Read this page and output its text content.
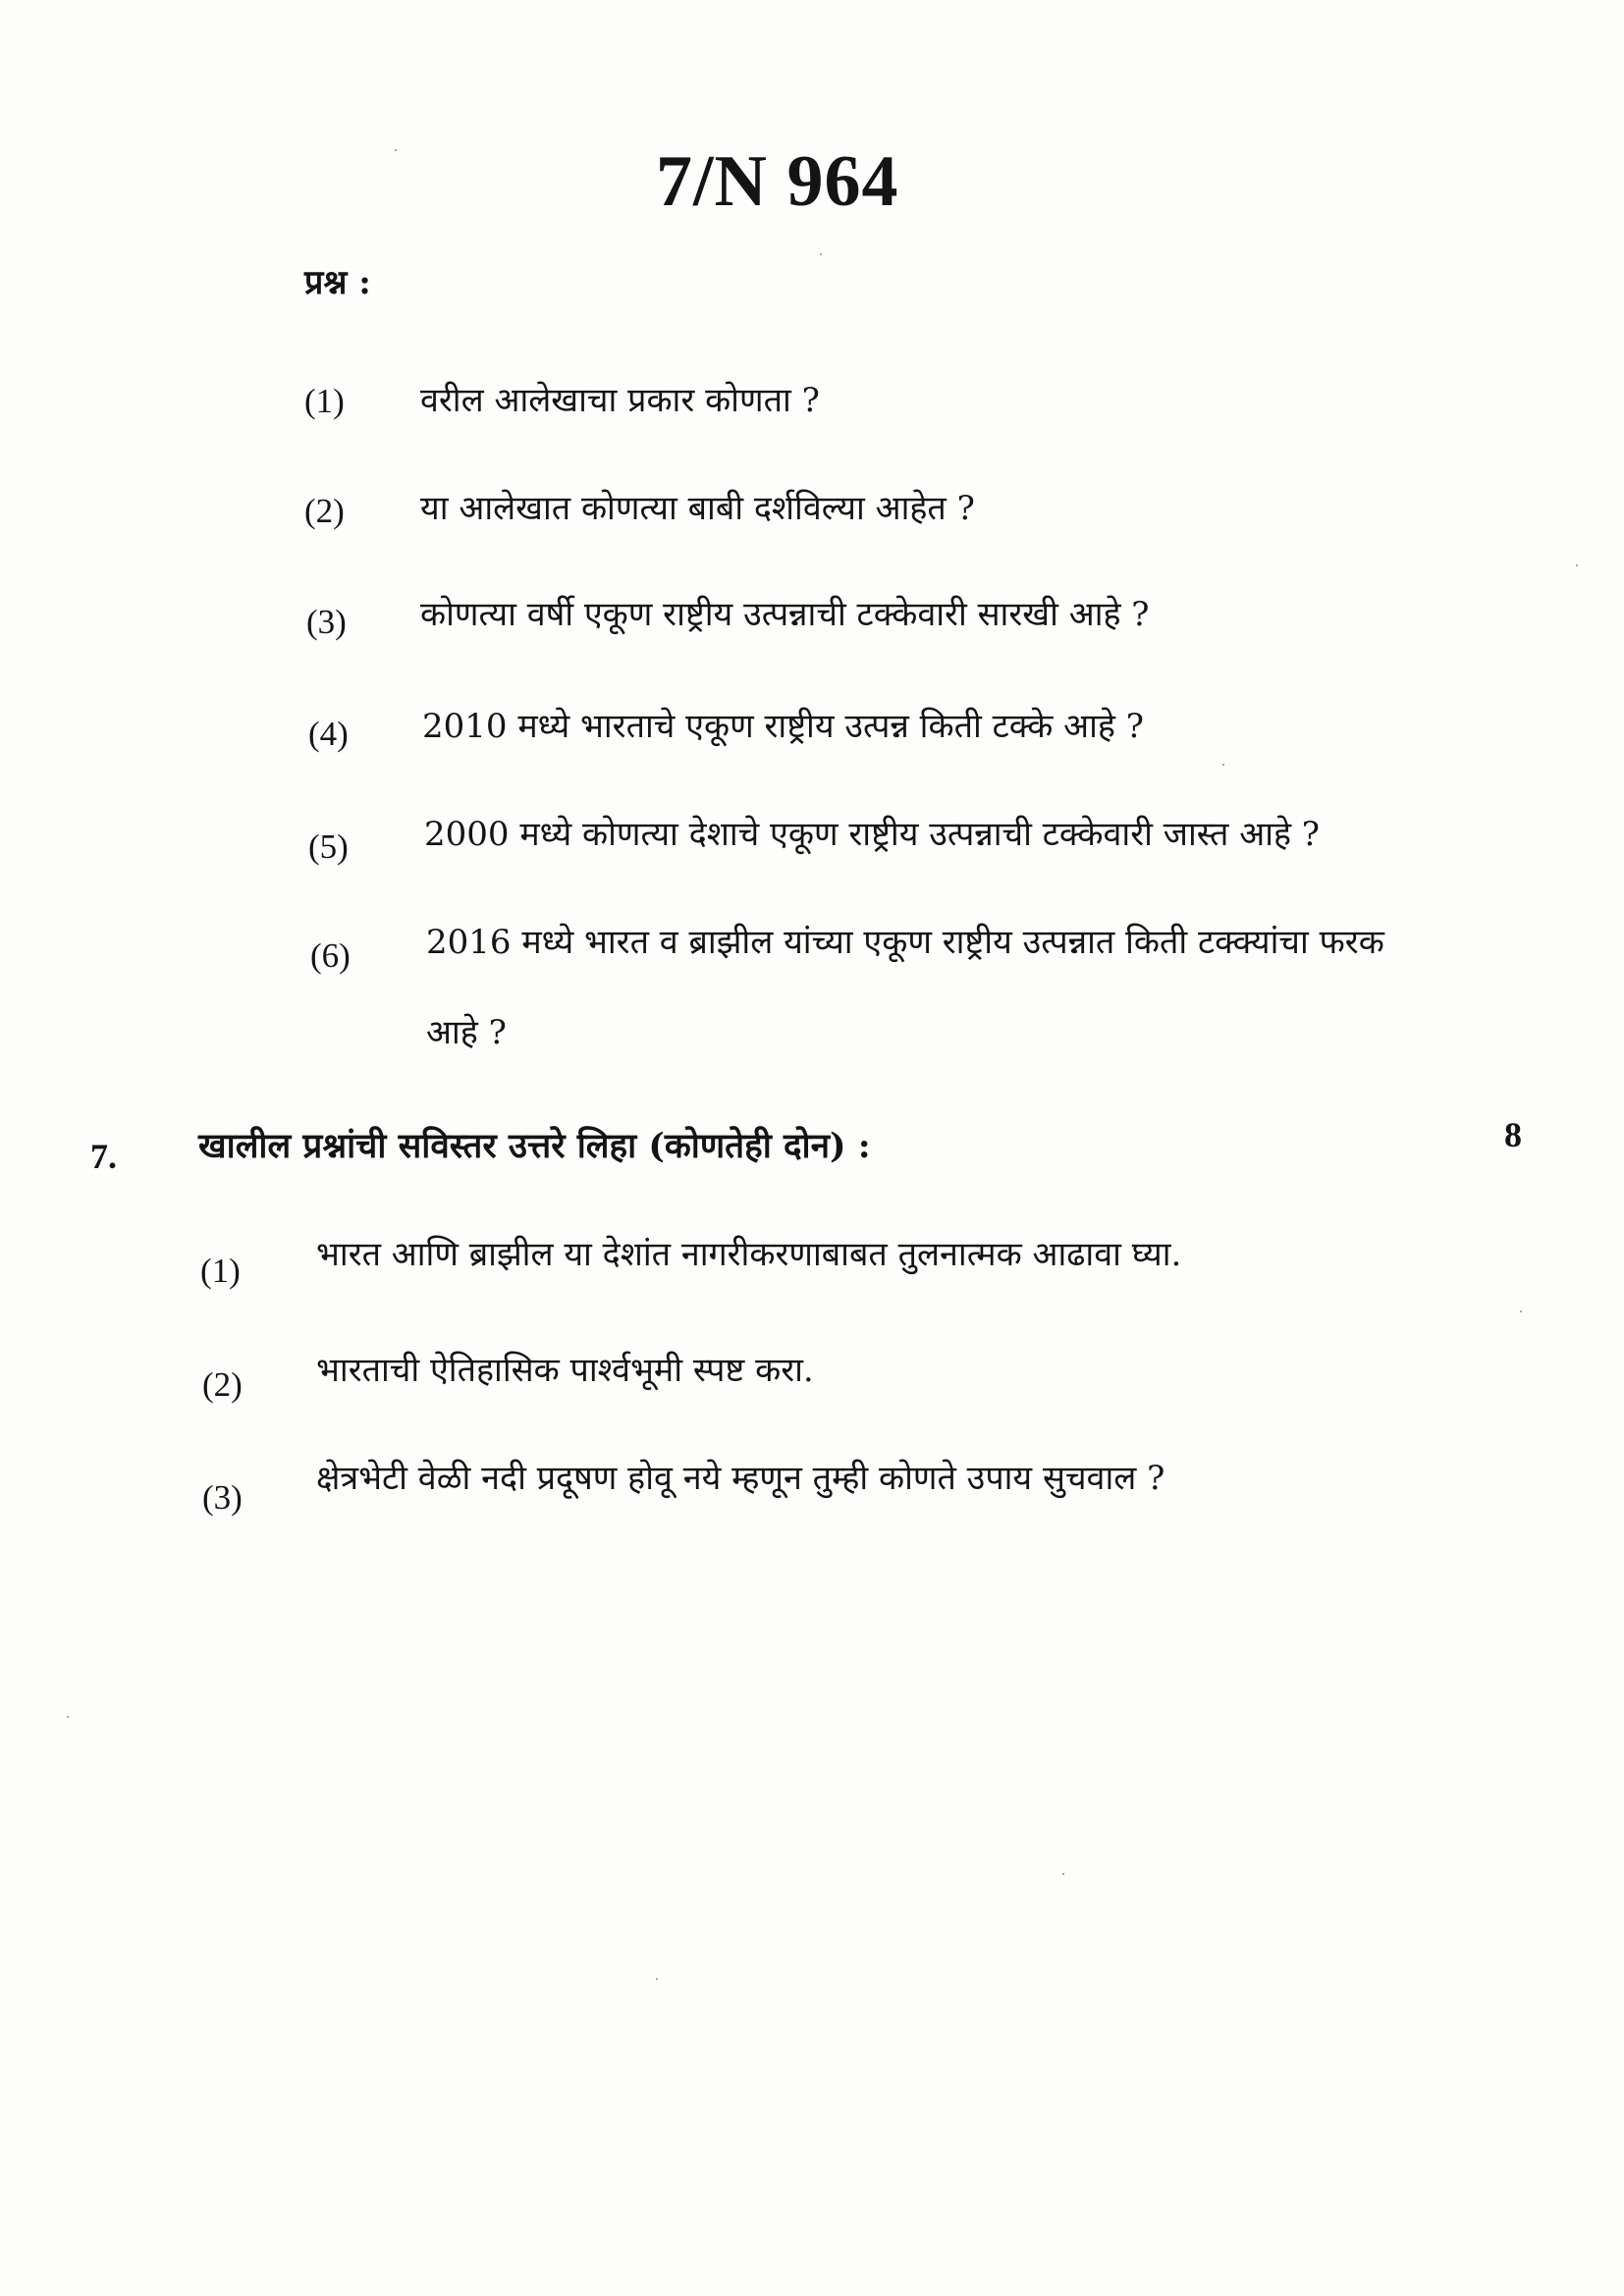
7/N 964
प्रश्न :
(1) वरील आलेखाचा प्रकार कोणता ?
(2) या आलेखात कोणत्या बाबी दर्शविल्या आहेत ?
(3) कोणत्या वर्षी एकूण राष्ट्रीय उत्पन्नाची टक्केवारी सारखी आहे ?
(4) 2010 मध्ये भारताचे एकूण राष्ट्रीय उत्पन्न किती टक्के आहे ?
(5) 2000 मध्ये कोणत्या देशाचे एकूण राष्ट्रीय उत्पन्नाची टक्केवारी जास्त आहे ?
(6) 2016 मध्ये भारत व ब्राझील यांच्या एकूण राष्ट्रीय उत्पन्नात किती टक्क्यांचा फरक
आहे ?
7. खालील प्रश्नांची सविस्तर उत्तरे लिहा (कोणतेही दोन) :	8
(1) भारत आणि ब्राझील या देशांत नागरीकरणाबाबत तुलनात्मक आढावा घ्या.
(2) भारताची ऐतिहासिक पार्श्वभूमी स्पष्ट करा.
(3) क्षेत्रभेटी वेळी नदी प्रदूषण होवू नये म्हणून तुम्ही कोणते उपाय सुचवाल ?
